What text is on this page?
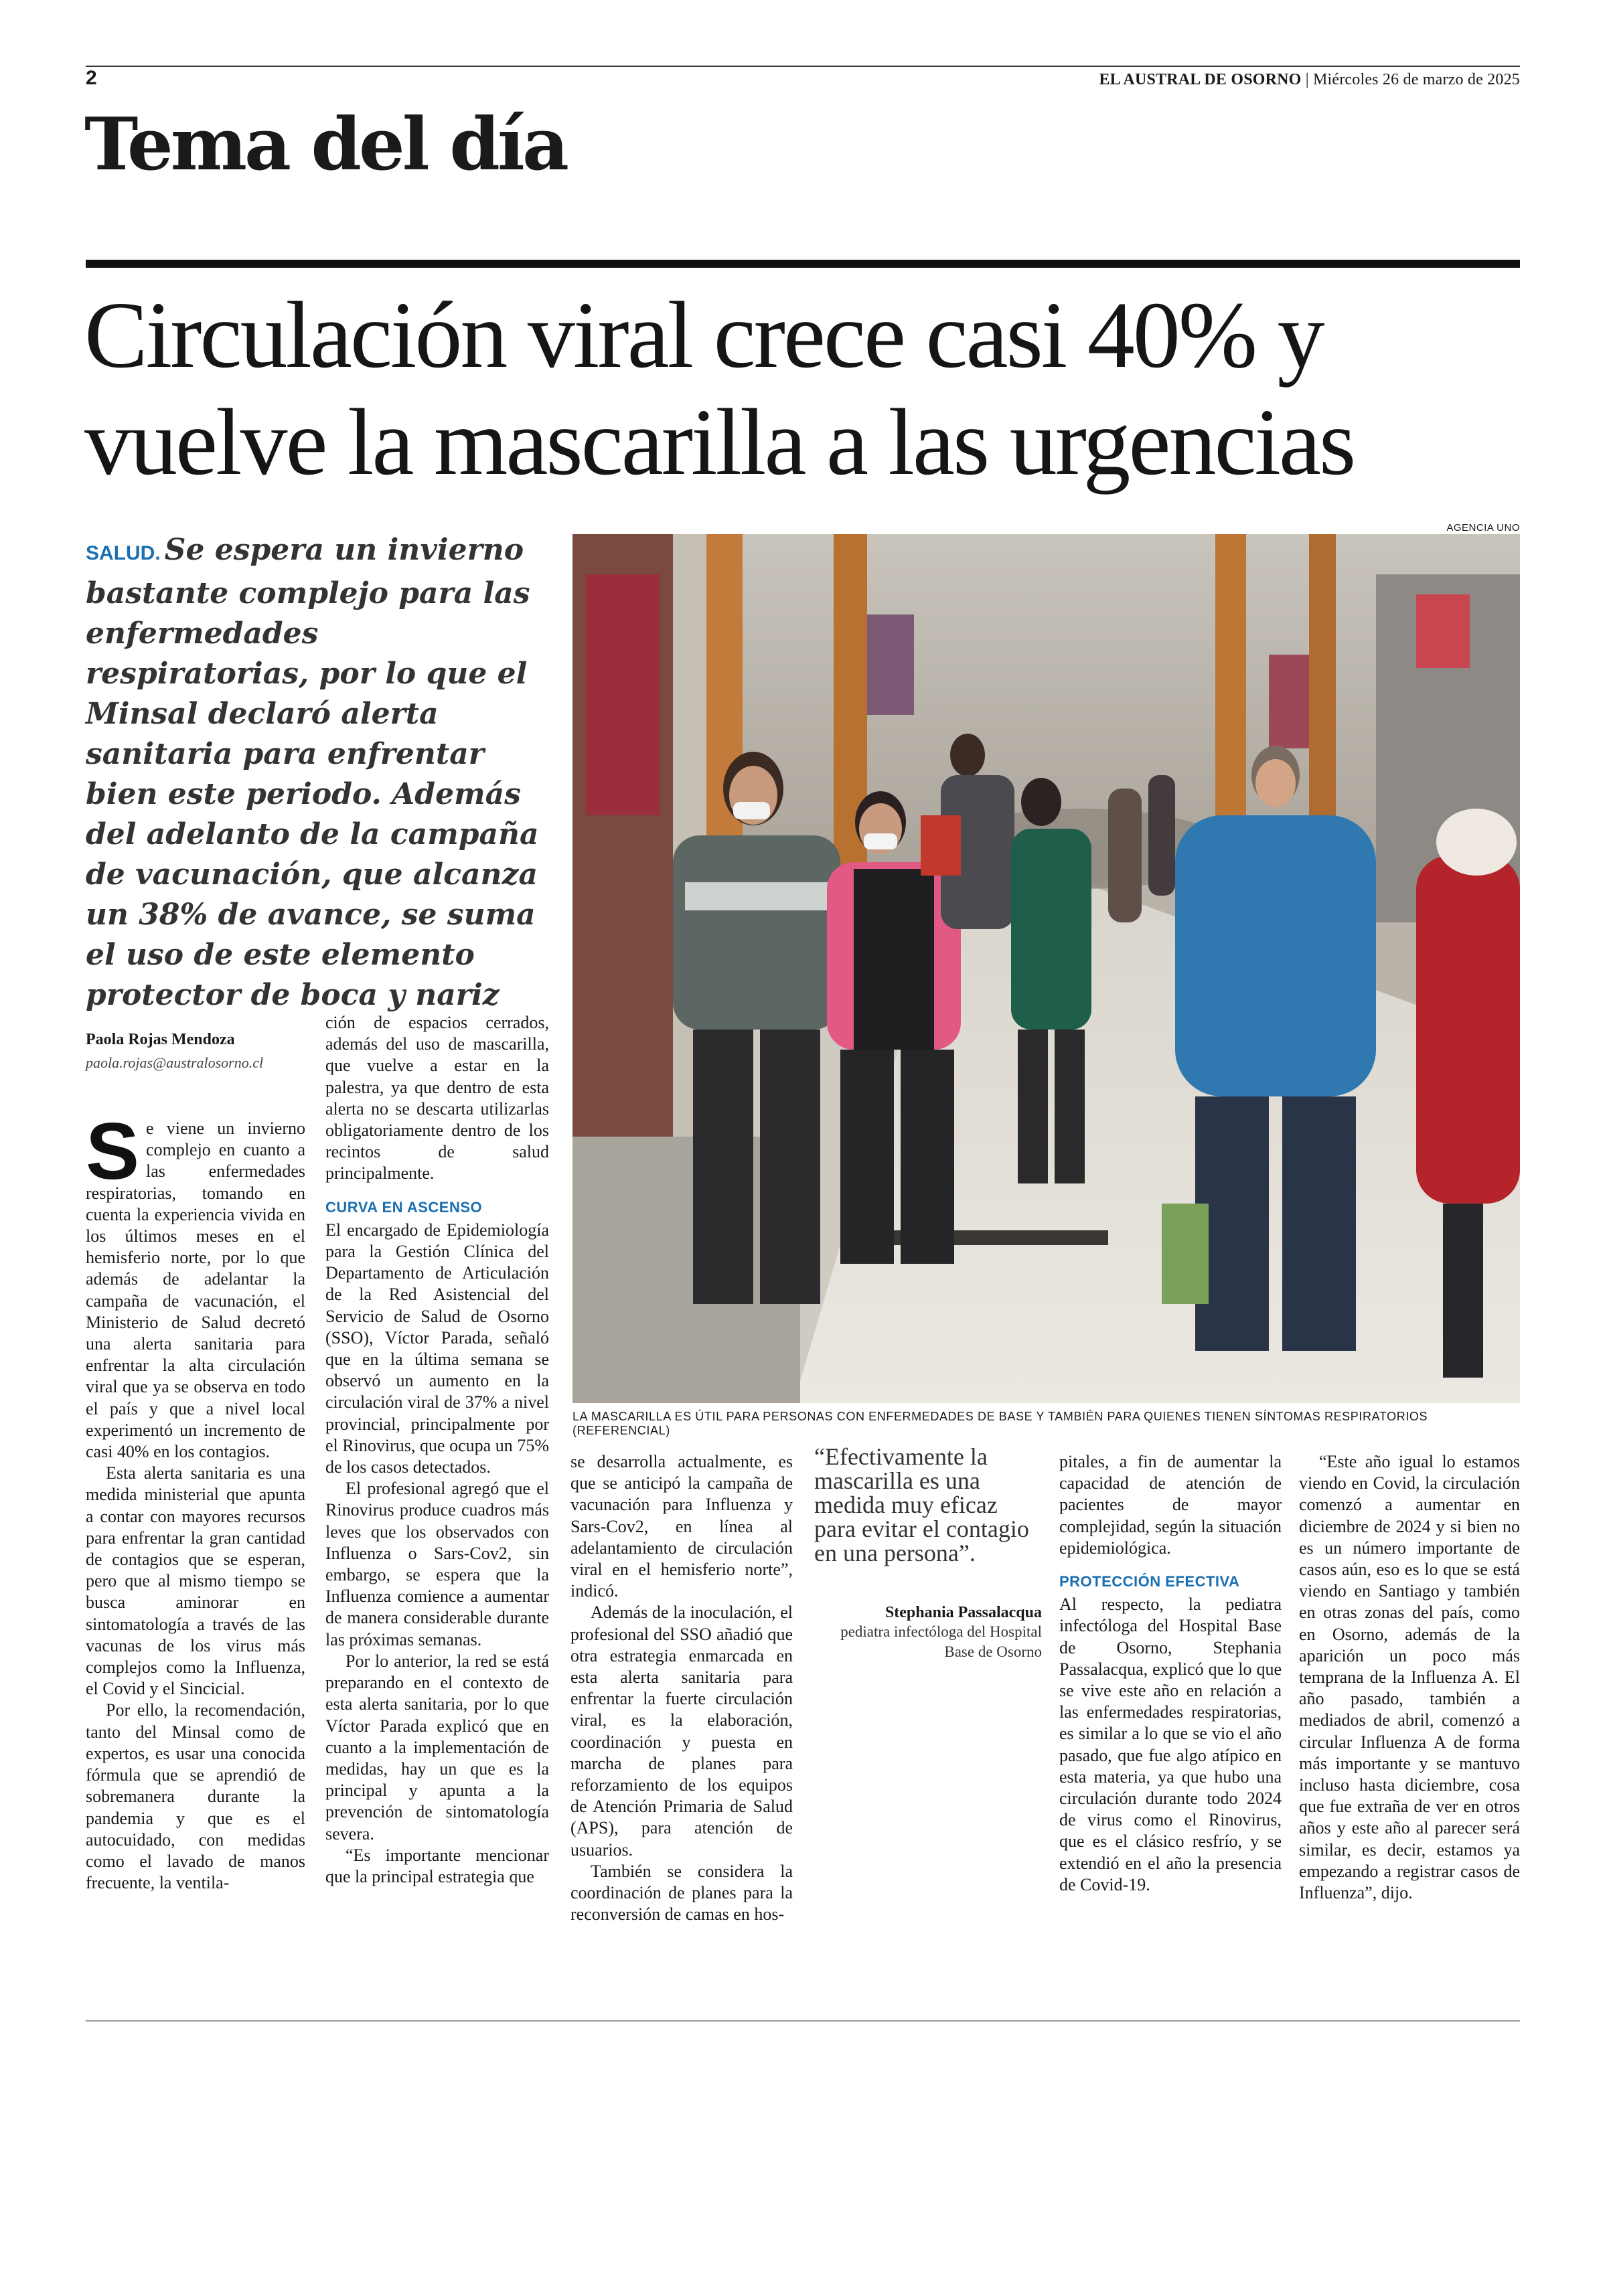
2	EL AUSTRAL DE OSORNO | Miércoles 26 de marzo de 2025
Tema del día
Circulación viral crece casi 40% y
vuelve la mascarilla a las urgencias
AGENCIA UNO
SALUD. Se espera un invierno bastante complejo para las enfermedades respiratorias, por lo que el Minsal declaró alerta sanitaria para enfrentar bien este periodo. Además del adelanto de la campaña de vacunación, que alcanza un 38% de avance, se suma el uso de este elemento protector de boca y nariz
LA MASCARILLA ES ÚTIL PARA PERSONAS CON ENFERMEDADES DE BASE Y TAMBIÉN PARA QUIENES TIENEN SÍNTOMAS RESPIRATORIOS (REFERENCIAL)
Paola Rojas Mendoza
paola.rojas@australosorno.cl
S e viene un invierno complejo en cuanto a las enfermedades respiratorias, tomando en cuenta la experiencia vivida en los últimos meses en el hemisferio norte, por lo que además de adelantar la campaña de vacunación, el Ministerio de Salud decretó una alerta sanitaria para enfrentar la alta circulación viral que ya se observa en todo el país y que a nivel local experimentó un incremento de casi 40% en los contagios.

Esta alerta sanitaria es una medida ministerial que apunta a contar con mayores recursos para enfrentar la gran cantidad de contagios que se esperan, pero que al mismo tiempo se busca aminorar en sintomatología a través de las vacunas de los virus más complejos como la Influenza, el Covid y el Sincicial.

Por ello, la recomendación, tanto del Minsal como de expertos, es usar una conocida fórmula que se aprendió de sobremanera durante la pandemia y que es el autocuidado, con medidas como el lavado de manos frecuente, la ventila-

ción de espacios cerrados, además del uso de mascarilla, que vuelve a estar en la palestra, ya que dentro de esta alerta no se descarta utilizarlas obligatoriamente dentro de los recintos de salud principalmente.

CURVA EN ASCENSO

El encargado de Epidemiología para la Gestión Clínica del Departamento de Articulación de la Red Asistencial del Servicio de Salud de Osorno (SSO), Víctor Parada, señaló que en la última semana se observó un aumento en la circulación viral de 37% a nivel provincial, principalmente por el Rinovirus, que ocupa un 75% de los casos detectados.

El profesional agregó que el Rinovirus produce cuadros más leves que los observados con Influenza o Sars-Cov2, sin embargo, se espera que la Influenza comience a aumentar de manera considerable durante las próximas semanas.

Por lo anterior, la red se está preparando en el contexto de esta alerta sanitaria, por lo que Víctor Parada explicó que en cuanto a la implementación de medidas, hay un que es la principal y apunta a la prevención de sintomatología severa.

“Es importante mencionar que la principal estrategia que

se desarrolla actualmente, es que se anticipó la campaña de vacunación para Influenza y Sars-Cov2, en línea al adelantamiento de circulación viral en el hemisferio norte”, indicó.

Además de la inoculación, el profesional del SSO añadió que otra estrategia enmarcada en esta alerta sanitaria para enfrentar la fuerte circulación viral, es la elaboración, coordinación y puesta en marcha de planes para reforzamiento de los equipos de Atención Primaria de Salud (APS), para atención de usuarios.

También se considera la coordinación de planes para la reconversión de camas en hos-

“Efectivamente la mascarilla es una medida muy eficaz para evitar el contagio en una persona”.
Stephania Passalacqua
pediatra infectóloga del Hospital Base de Osorno

pitales, a fin de aumentar la capacidad de atención de pacientes de mayor complejidad, según la situación epidemiológica.

PROTECCIÓN EFECTIVA

Al respecto, la pediatra infectóloga del Hospital Base de Osorno, Stephania Passalacqua, explicó que lo que se vive este año en relación a las enfermedades respiratorias, es similar a lo que se vio el año pasado, que fue algo atípico en esta materia, ya que hubo una circulación durante todo 2024 de virus como el Rinovirus, que es el clásico resfrío, y se extendió en el año la presencia de Covid-19.

“Este año igual lo estamos viendo en Covid, la circulación comenzó a aumentar en diciembre de 2024 y si bien no es un número importante de casos aún, eso es lo que se está viendo en Santiago y también en otras zonas del país, como en Osorno, además de la aparición un poco más temprana de la Influenza A. El año pasado, también a mediados de abril, comenzó a circular Influenza A de forma más importante y se mantuvo incluso hasta diciembre, cosa que fue extraña de ver en otros años y este año al parecer será similar, es decir, estamos ya empezando a registrar casos de Influenza”, dijo.
